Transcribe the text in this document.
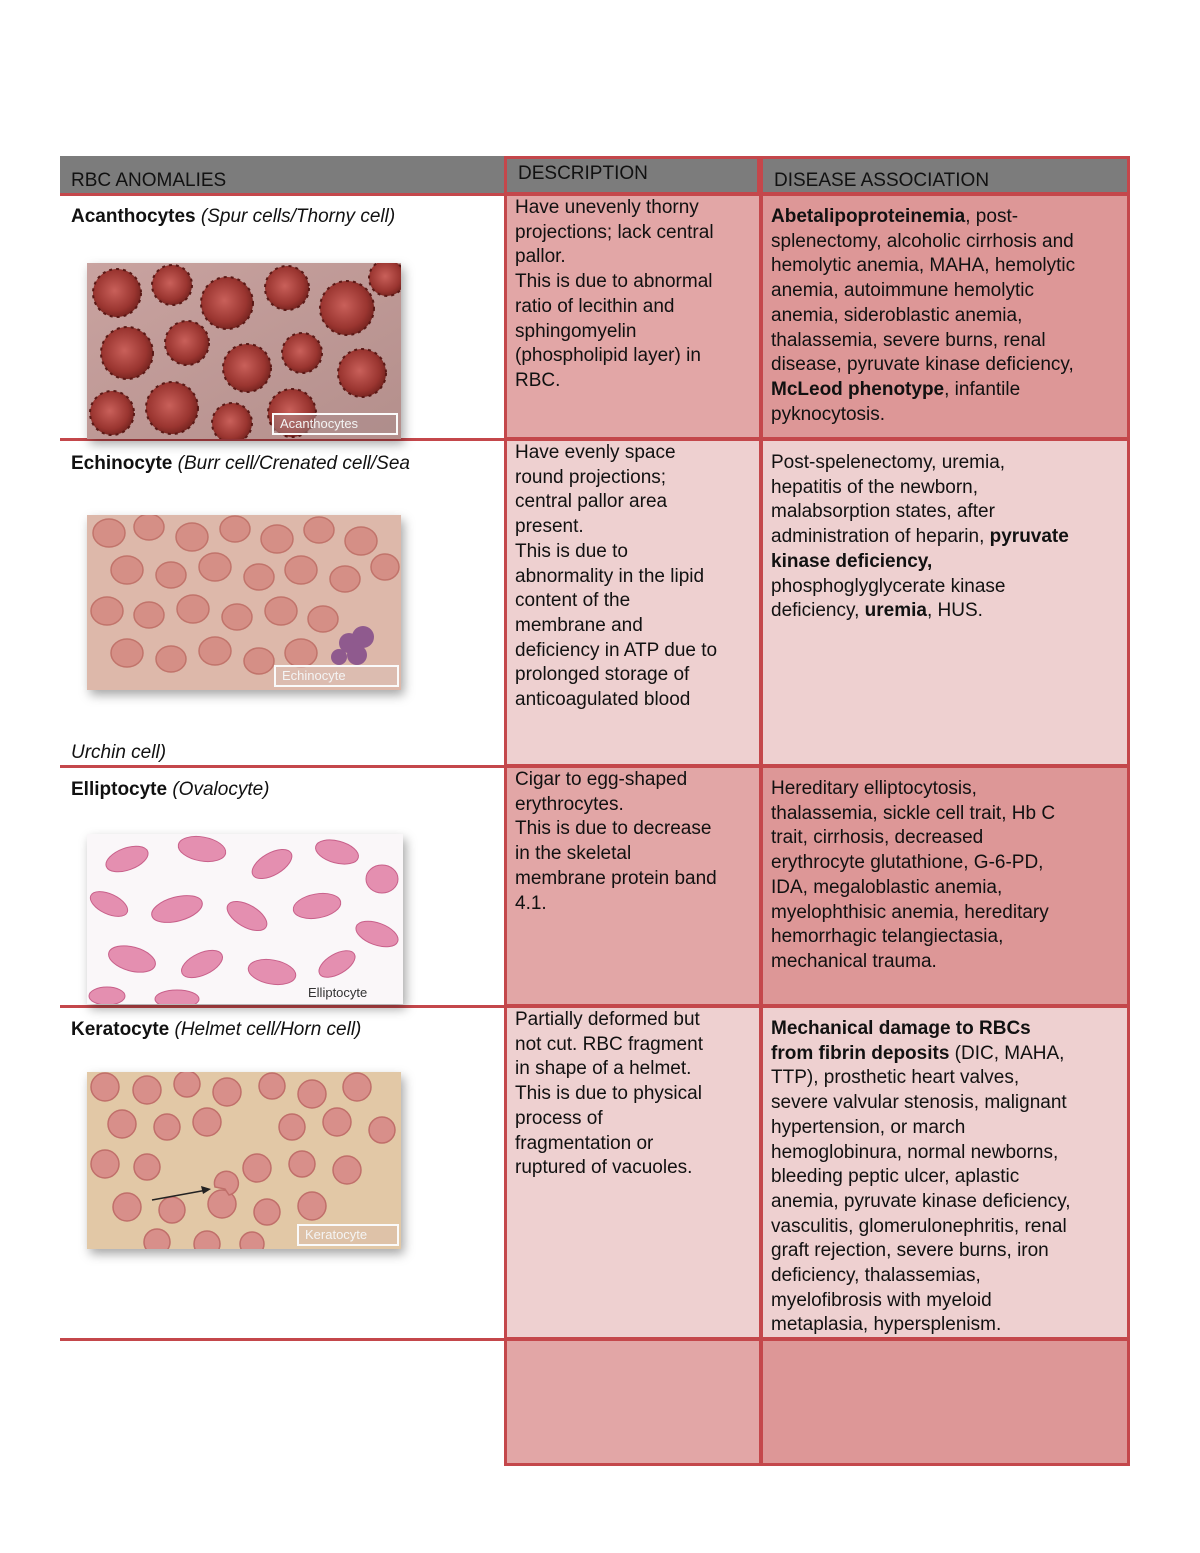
RBC ANOMALIES	DESCRIPTION	DISEASE ASSOCIATION
Acanthocytes (Spur cells/Thorny cell)
Acanthocytes
Have unevenly thorny
projections; lack central
pallor.
This is due to abnormal
ratio of lecithin and
sphingomyelin
(phospholipid layer) in
RBC.
Abetalipoproteinemia, post-
splenectomy, alcoholic cirrhosis and
hemolytic anemia, MAHA, hemolytic
anemia, autoimmune hemolytic
anemia, sideroblastic anemia,
thalassemia, severe burns, renal
disease, pyruvate kinase deficiency,
McLeod phenotype, infantile
pyknocytosis.
Echinocyte (Burr cell/Crenated cell/Sea
Echinocyte
Urchin cell)
Have evenly space
round projections;
central pallor area
present.
This is due to
abnormality in the lipid
content of the
membrane and
deficiency in ATP due to
prolonged storage of
anticoagulated blood
Post-spelenectomy, uremia,
hepatitis of the newborn,
malabsorption states, after
administration of heparin, pyruvate
kinase deficiency,
phosphoglyglycerate kinase
deficiency, uremia, HUS.
Elliptocyte (Ovalocyte)
Elliptocyte
Cigar to egg-shaped
erythrocytes.
This is due to decrease
in the skeletal
membrane protein band
4.1.
Hereditary elliptocytosis,
thalassemia, sickle cell trait, Hb C
trait, cirrhosis, decreased
erythrocyte glutathione, G-6-PD,
IDA, megaloblastic anemia,
myelophthisic anemia, hereditary
hemorrhagic telangiectasia,
mechanical trauma.
Keratocyte (Helmet cell/Horn cell)
Keratocyte
Partially deformed but
not cut. RBC fragment
in shape of a helmet.
This is due to physical
process of
fragmentation or
ruptured of vacuoles.
Mechanical damage to RBCs
from fibrin deposits (DIC, MAHA,
TTP), prosthetic heart valves,
severe valvular stenosis, malignant
hypertension, or march
hemoglobinura, normal newborns,
bleeding peptic ulcer, aplastic
anemia, pyruvate kinase deficiency,
vasculitis, glomerulonephritis, renal
graft rejection, severe burns, iron
deficiency, thalassemias,
myelofibrosis with myeloid
metaplasia, hypersplenism.
